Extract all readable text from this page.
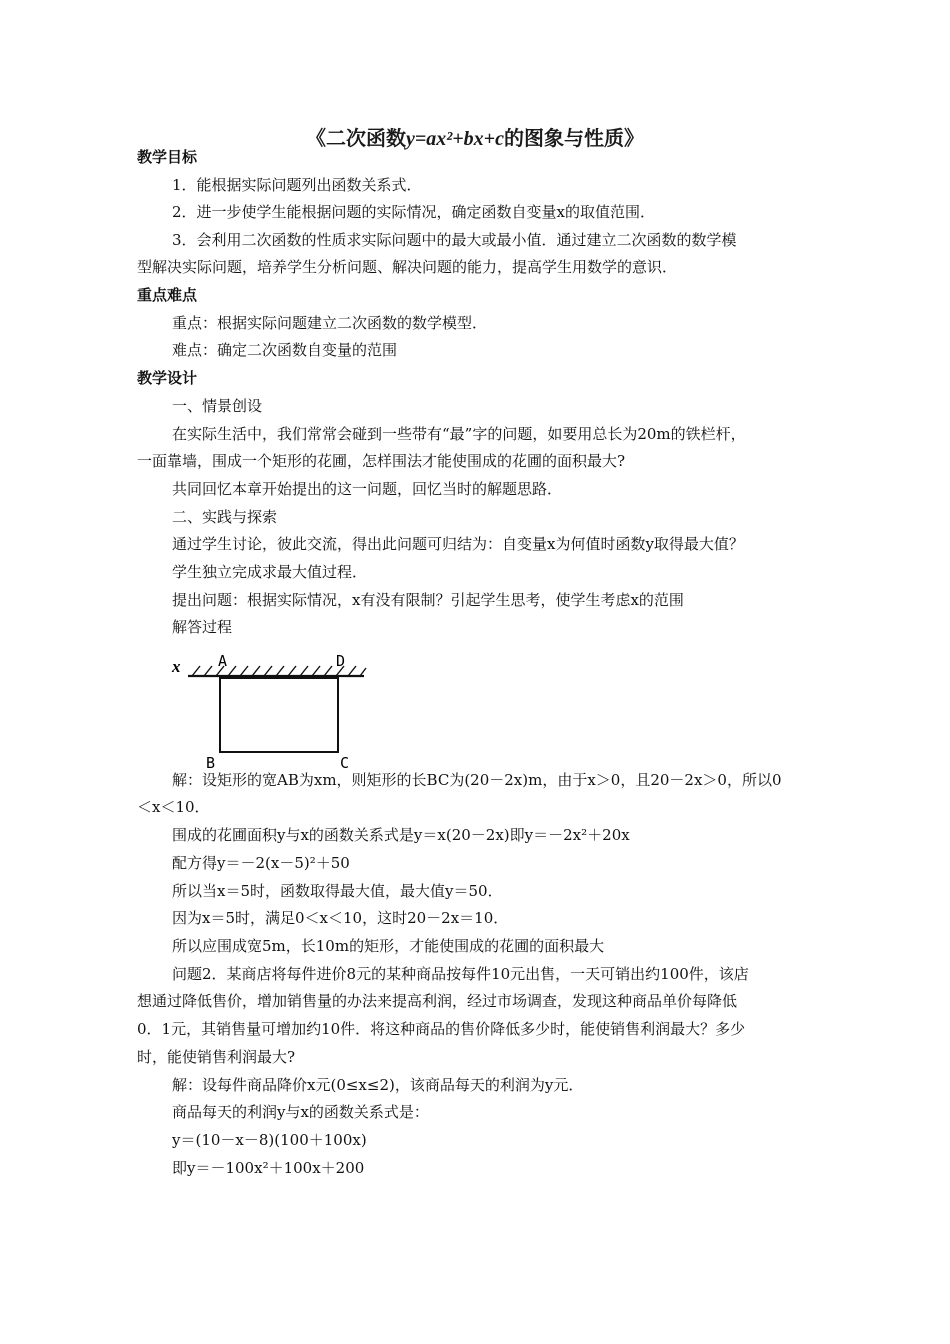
《二次函数y=ax²+bx+c的图象与性质》
教学目标
1．能根据实际问题列出函数关系式．
2．进一步使学生能根据问题的实际情况，确定函数自变量x的取值范围．
3．会利用二次函数的性质求实际问题中的最大或最小值．通过建立二次函数的数学模
型解决实际问题，培养学生分析问题、解决问题的能力，提高学生用数学的意识．
重点难点
重点：根据实际问题建立二次函数的数学模型．
难点：确定二次函数自变量的范围
教学设计
一、情景创设
在实际生活中，我们常常会碰到一些带有“最”字的问题，如要用总长为20m的铁栏杆，
一面靠墙，围成一个矩形的花圃，怎样围法才能使围成的花圃的面积最大?
共同回忆本章开始提出的这一问题，回忆当时的解题思路．
二、实践与探索
通过学生讨论，彼此交流，得出此问题可归结为：自变量x为何值时函数y取得最大值？
学生独立完成求最大值过程．
提出问题：根据实际情况，x有没有限制？引起学生思考，使学生考虑x的范围
解答过程
x	A	D
B	C
解：设矩形的宽AB为xm，则矩形的长BC为(20－2x)m，由于x＞0，且20－2x＞0，所以0
＜x＜10．
围成的花圃面积y与x的函数关系式是y＝x(20－2x)即y＝－2x²＋20x
配方得y＝－2(x－5)²＋50
所以当x＝5时，函数取得最大值，最大值y＝50．
因为x＝5时，满足0＜x＜10，这时20－2x＝10．
所以应围成宽5m，长10m的矩形，才能使围成的花圃的面积最大
问题2．某商店将每件进价8元的某种商品按每件10元出售，一天可销出约100件，该店
想通过降低售价，增加销售量的办法来提高利润，经过市场调查，发现这种商品单价每降低
0．1元，其销售量可增加约10件．将这种商品的售价降低多少时，能使销售利润最大？多少
时，能使销售利润最大?
解：设每件商品降价x元(0≤x≤2)，该商品每天的利润为y元．
商品每天的利润y与x的函数关系式是：
y＝(10－x－8)(100＋100x)
即y＝－100x²＋100x＋200
